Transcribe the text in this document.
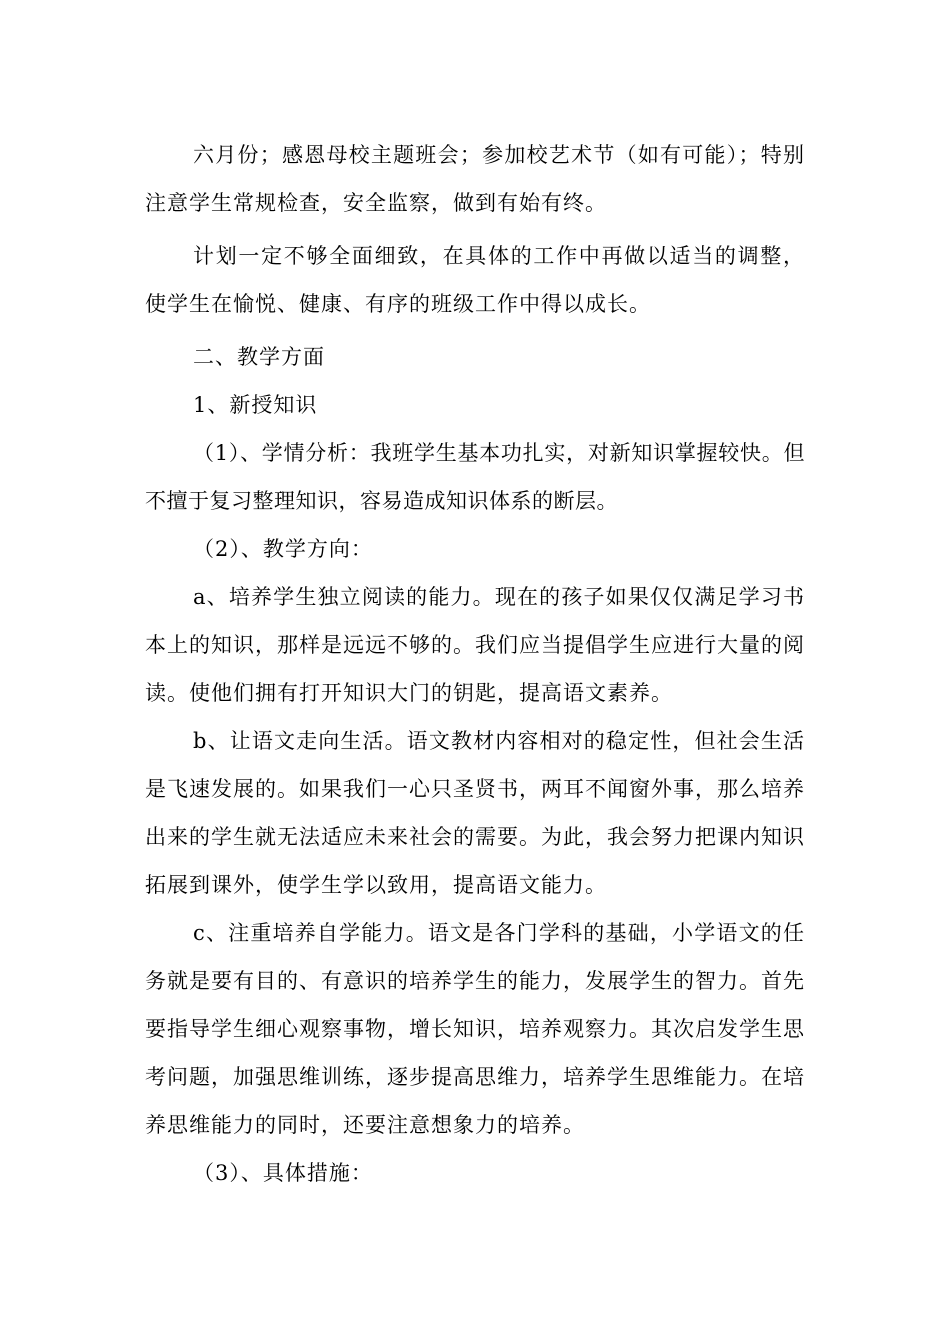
六月份；感恩母校主题班会；参加校艺术节（如有可能）；特别注意学生常规检查，安全监察，做到有始有终。

计划一定不够全面细致，在具体的工作中再做以适当的调整，使学生在愉悦、健康、有序的班级工作中得以成长。

二、教学方面

1、新授知识

（1）、学情分析：我班学生基本功扎实，对新知识掌握较快。但不擅于复习整理知识，容易造成知识体系的断层。

（2）、教学方向：

a、培养学生独立阅读的能力。现在的孩子如果仅仅满足学习书本上的知识，那样是远远不够的。我们应当提倡学生应进行大量的阅读。使他们拥有打开知识大门的钥匙，提高语文素养。

b、让语文走向生活。语文教材内容相对的稳定性，但社会生活是飞速发展的。如果我们一心只圣贤书，两耳不闻窗外事，那么培养出来的学生就无法适应未来社会的需要。为此，我会努力把课内知识拓展到课外，使学生学以致用，提高语文能力。

c、注重培养自学能力。语文是各门学科的基础，小学语文的任务就是要有目的、有意识的培养学生的能力，发展学生的智力。首先要指导学生细心观察事物，增长知识，培养观察力。其次启发学生思考问题，加强思维训练，逐步提高思维力，培养学生思维能力。在培养思维能力的同时，还要注意想象力的培养。

（3）、具体措施：
